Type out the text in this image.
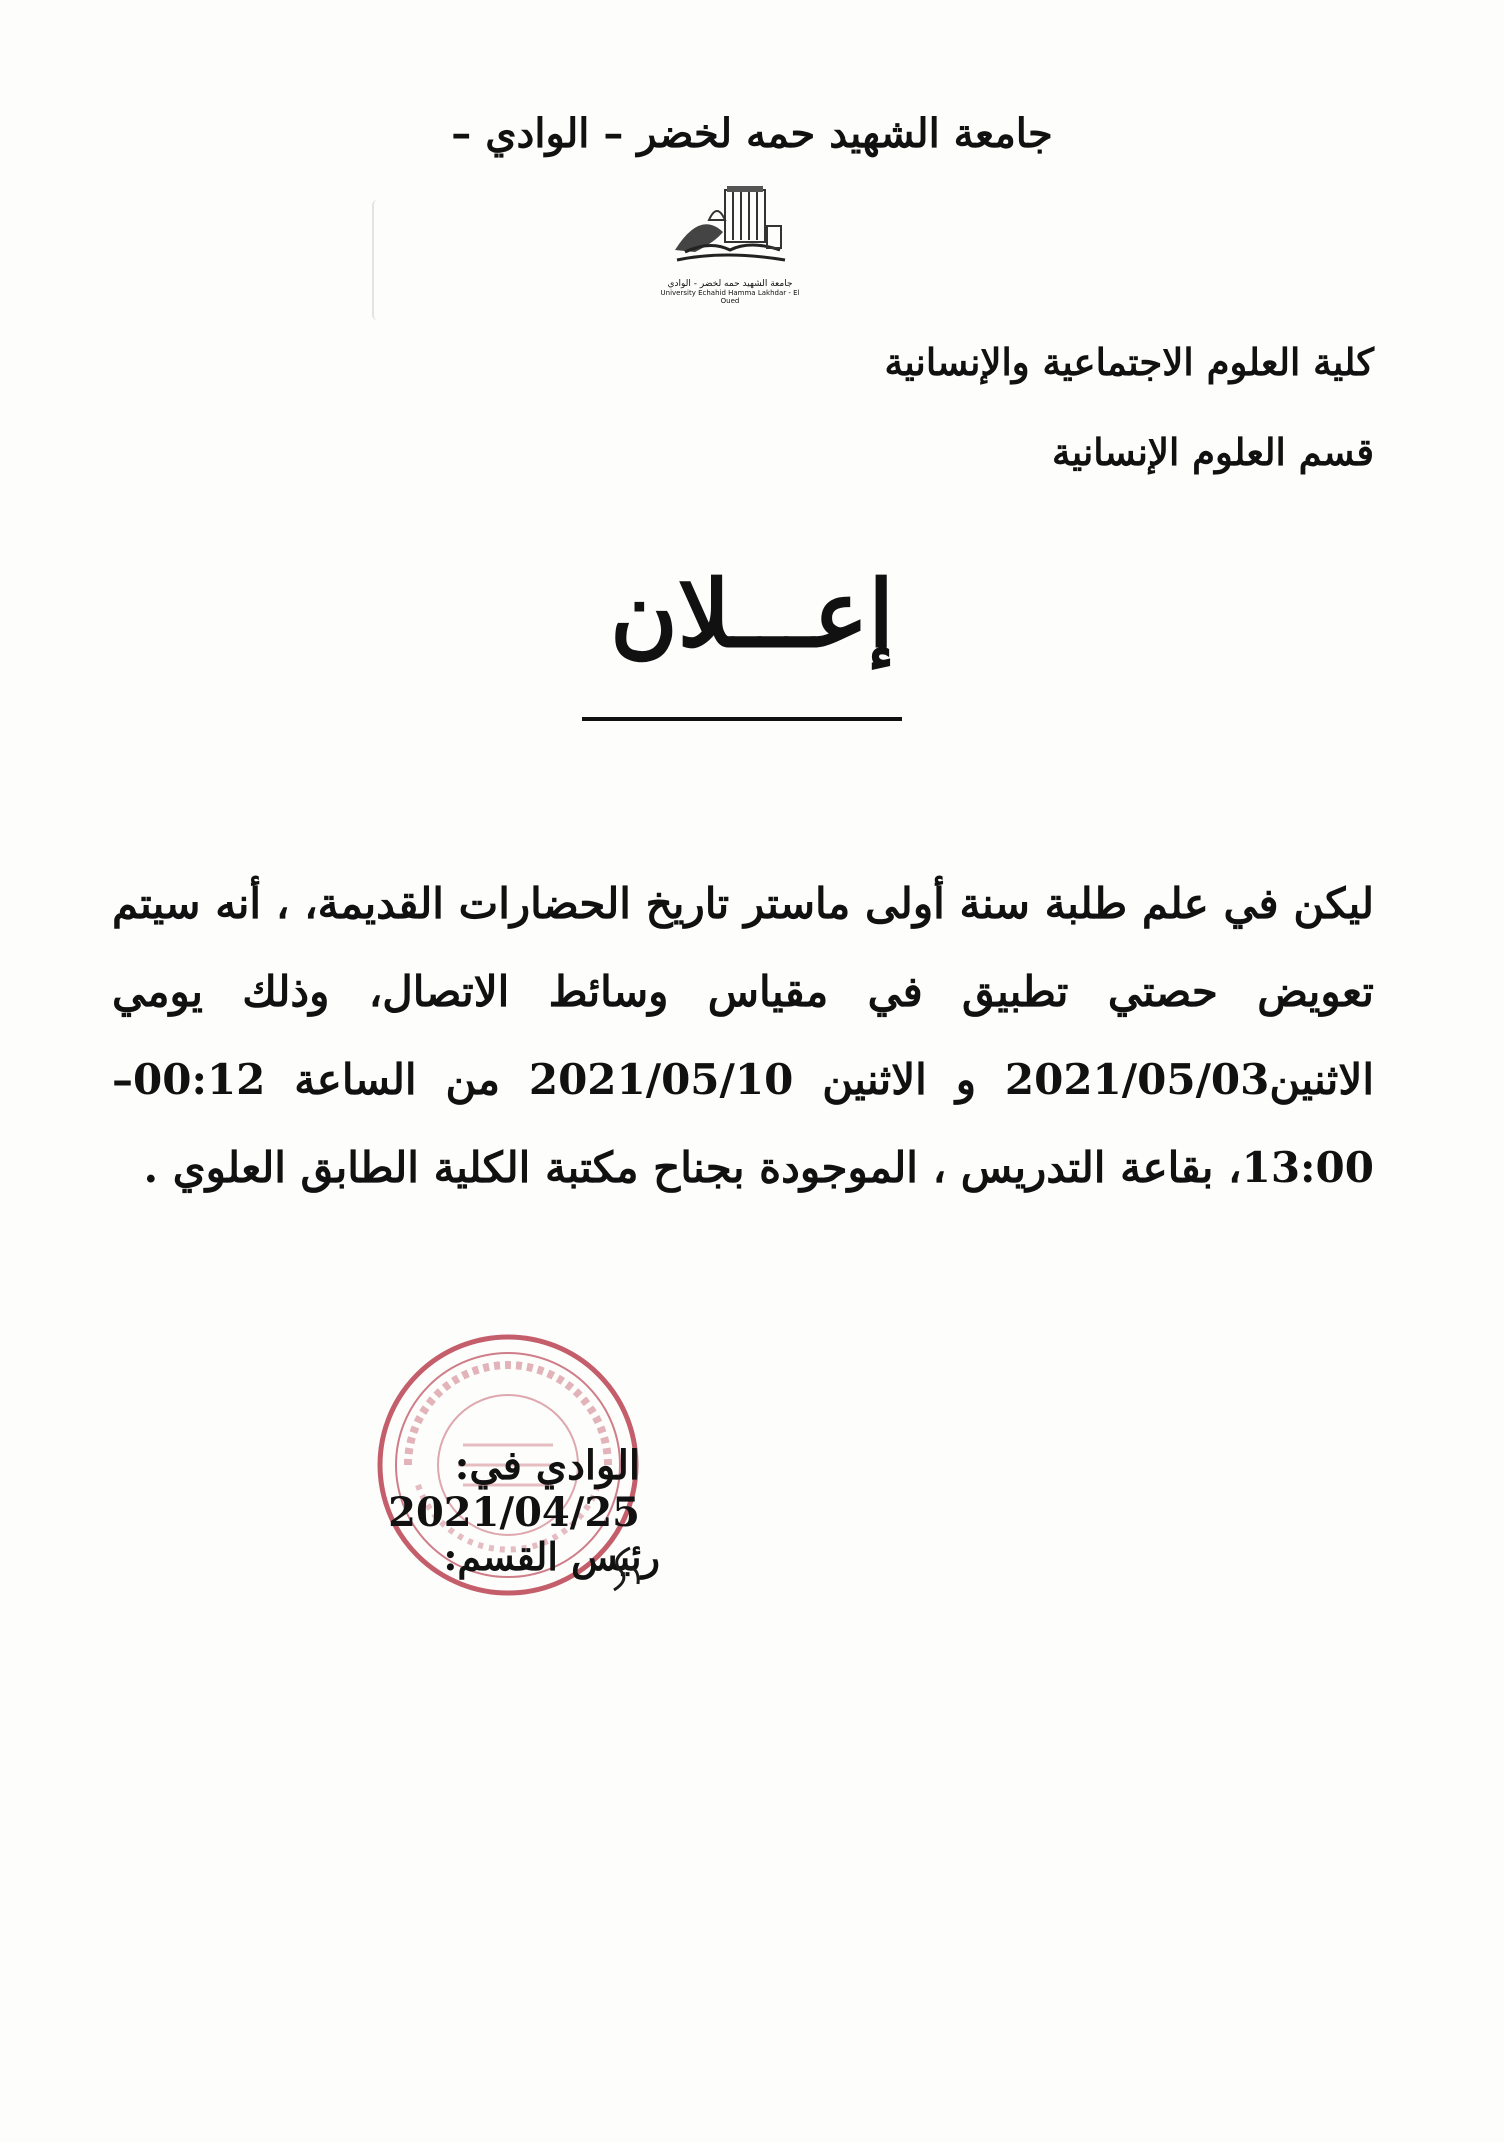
جامعة الشهيد حمه لخضر – الوادي –
جامعة الشهيد حمه لخضر - الوادي
University Echahid Hamma Lakhdar - El Oued
كلية العلوم الاجتماعية والإنسانية
قسم العلوم الإنسانية
إعـــلان
ليكن في علم طلبة سنة أولى ماستر تاريخ الحضارات القديمة، ، أنه سيتم تعويض حصتي تطبيق في مقياس وسائط الاتصال، وذلك يومي الاثنين2021/05/03 و الاثنين 2021/05/10 من الساعة 00:12– 13:00، بقاعة التدريس ، الموجودة بجناح مكتبة الكلية الطابق العلوي .
الوادي في: 2021/04/25
رئيس القسم:
